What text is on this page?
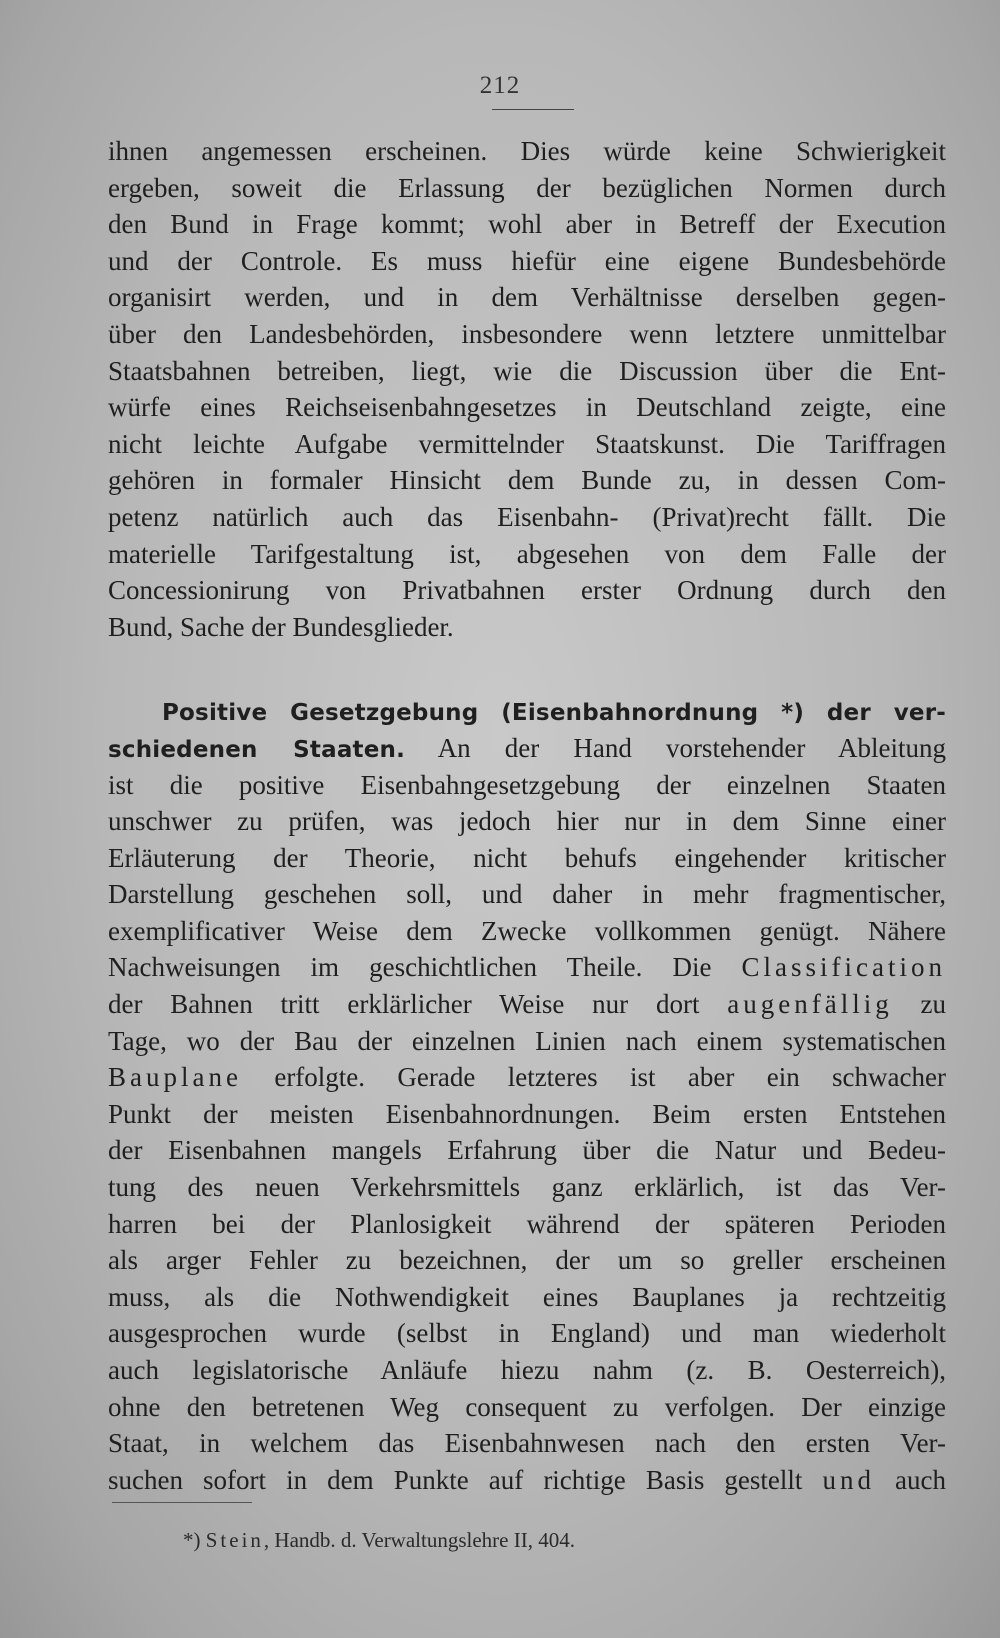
212
ihnen angemessen erscheinen. Dies würde keine Schwierigkeit
ergeben, soweit die Erlassung der bezüglichen Normen durch
den Bund in Frage kommt; wohl aber in Betreff der Execution
und der Controle. Es muss hiefür eine eigene Bundesbehörde
organisirt werden, und in dem Verhältnisse derselben gegen-
über den Landesbehörden, insbesondere wenn letztere unmittelbar
Staatsbahnen betreiben, liegt, wie die Discussion über die Ent-
würfe eines Reichseisenbahngesetzes in Deutschland zeigte, eine
nicht leichte Aufgabe vermittelnder Staatskunst. Die Tariffragen
gehören in formaler Hinsicht dem Bunde zu, in dessen Com-
petenz natürlich auch das Eisenbahn- (Privat)recht fällt. Die
materielle Tarifgestaltung ist, abgesehen von dem Falle der
Concessionirung von Privatbahnen erster Ordnung durch den
Bund, Sache der Bundesglieder.
  Positive Gesetzgebung (Eisenbahnordnung *) der ver-
schiedenen Staaten. An der Hand vorstehender Ableitung
ist die positive Eisenbahngesetzgebung der einzelnen Staaten
unschwer zu prüfen, was jedoch hier nur in dem Sinne einer
Erläuterung der Theorie, nicht behufs eingehender kritischer
Darstellung geschehen soll, und daher in mehr fragmentischer,
exemplificativer Weise dem Zwecke vollkommen genügt. Nähere
Nachweisungen im geschichtlichen Theile. Die Classification
der Bahnen tritt erklärlicher Weise nur dort augenfällig zu
Tage, wo der Bau der einzelnen Linien nach einem systematischen
Bauplane erfolgte. Gerade letzteres ist aber ein schwacher
Punkt der meisten Eisenbahnordnungen. Beim ersten Entstehen
der Eisenbahnen mangels Erfahrung über die Natur und Bedeu-
tung des neuen Verkehrsmittels ganz erklärlich, ist das Ver-
harren bei der Planlosigkeit während der späteren Perioden
als arger Fehler zu bezeichnen, der um so greller erscheinen
muss, als die Nothwendigkeit eines Bauplanes ja rechtzeitig
ausgesprochen wurde (selbst in England) und man wiederholt
auch legislatorische Anläufe hiezu nahm (z. B. Oesterreich),
ohne den betretenen Weg consequent zu verfolgen. Der einzige
Staat, in welchem das Eisenbahnwesen nach den ersten Ver-
suchen sofort in dem Punkte auf richtige Basis gestellt und auch
*) Stein, Handb. d. Verwaltungslehre II, 404.
